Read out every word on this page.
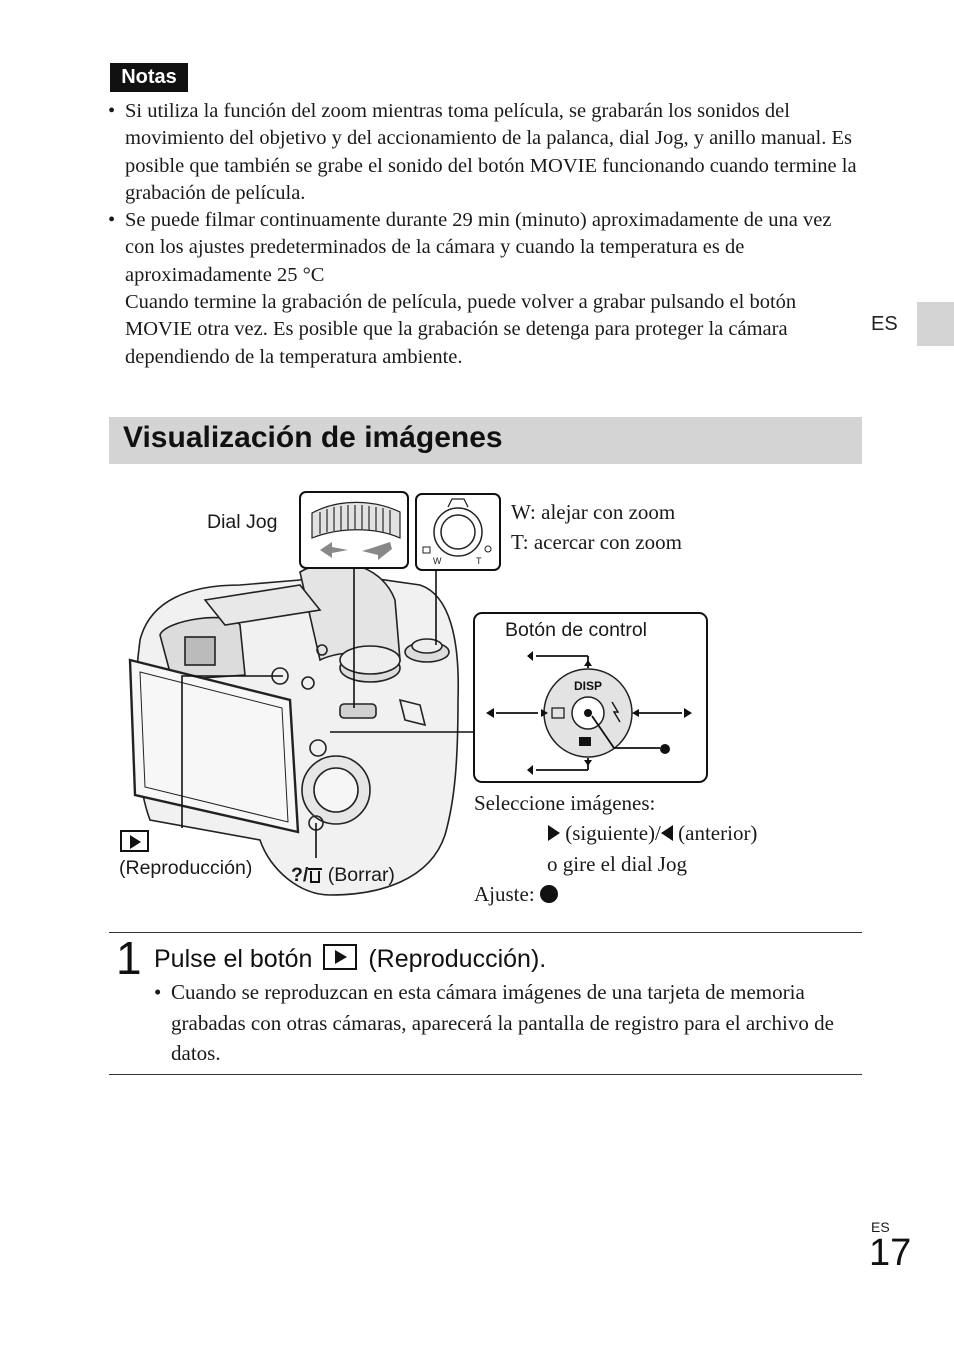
Notas

• Si utiliza la función del zoom mientras toma película, se grabarán los sonidos del movimiento del objetivo y del accionamiento de la palanca, dial Jog, y anillo manual. Es posible que también se grabe el sonido del botón MOVIE funcionando cuando termine la grabación de película.

• Se puede filmar continuamente durante 29 min (minuto) aproximadamente de una vez con los ajustes predeterminados de la cámara y cuando la temperatura es de aproximadamente 25 °C

Cuando termine la grabación de película, puede volver a grabar pulsando el botón MOVIE otra vez. Es posible que la grabación se detenga para proteger la cámara dependiendo de la temperatura ambiente.

ES
Visualización de imágenes
W	T
DISP
Dial Jog	W: alejar con zoom
T: acercar con zoom
Botón de control
(Reproducción) ?/ (Borrar)
Seleccione imágenes:
(siguiente)/ (anterior)
o gire el dial Jog
Ajuste:
1 Pulse el botón (Reproducción).

• Cuando se reproduzcan en esta cámara imágenes de una tarjeta de memoria grabadas con otras cámaras, aparecerá la pantalla de registro para el archivo de datos.

ES
17
